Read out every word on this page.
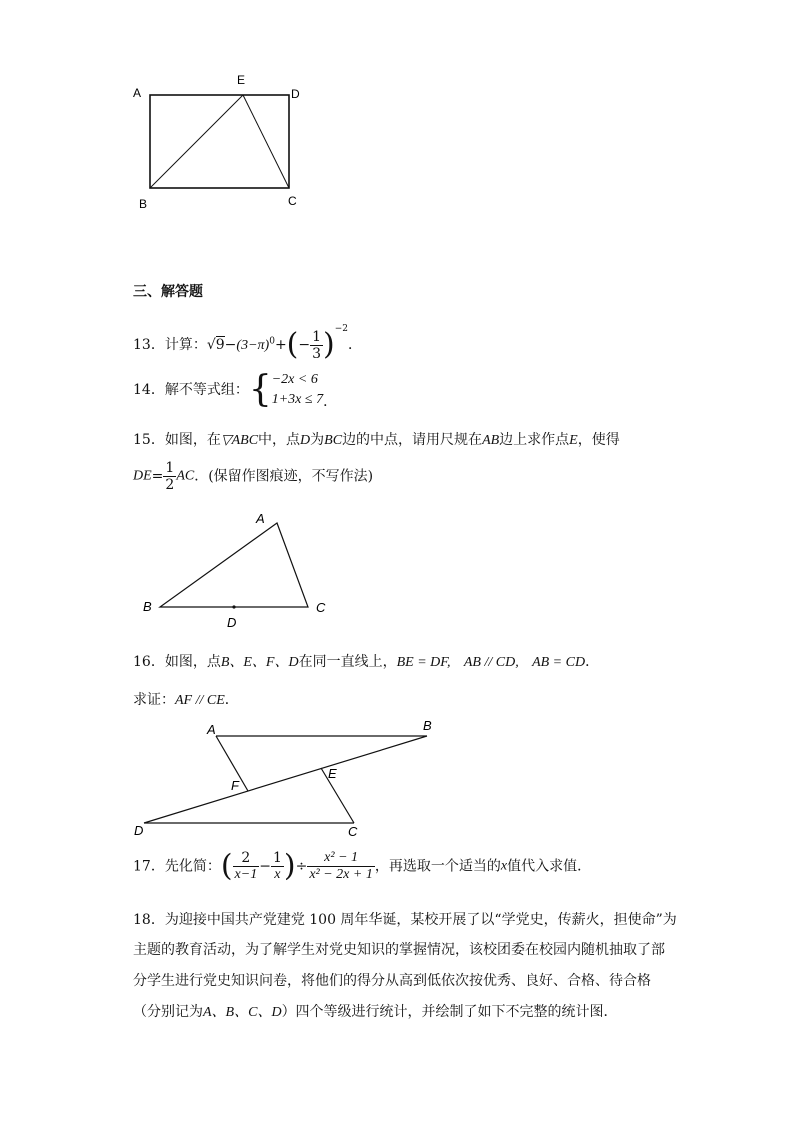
A
E
D
B	C
三、解答题
13．计算：$√9-(3-\pi)^0+(- \frac{1}{3} )^{-2}$．
14．解不等式组：{ −2x < 6
1+3x ≤ 7 ．
15．如图，在▽ABC中，点D为BC边的中点，请用尺规在AB边上求作点E，使得
$DE= \frac{1}{2}$ AC．(保留作图痕迹，不写作法)
A
B	C
D
16．如图，点B、E、F、D在同一直线上，BE = DF, AB // CD, AB = CD．
求证：AF // CE．
A	B
E
F
D	C
17．先化简：( $\frac{2}{x-1} - \frac{1}{x}$ )÷ $\frac{\text{x² − 1}}{\text{x² − 2x + 1}}$ ，再选取一个适当的x值代入求值．
18．为迎接中国共产党建党 100 周年华诞，某校开展了以“学党史，传薪火，担使命”为
主题的教育活动，为了解学生对党史知识的掌握情况，该校团委在校园内随机抽取了部
分学生进行党史知识问卷，将他们的得分从高到低依次按优秀、良好、合格、待合格
（分别记为A、B、C、D）四个等级进行统计，并绘制了如下不完整的统计图．
